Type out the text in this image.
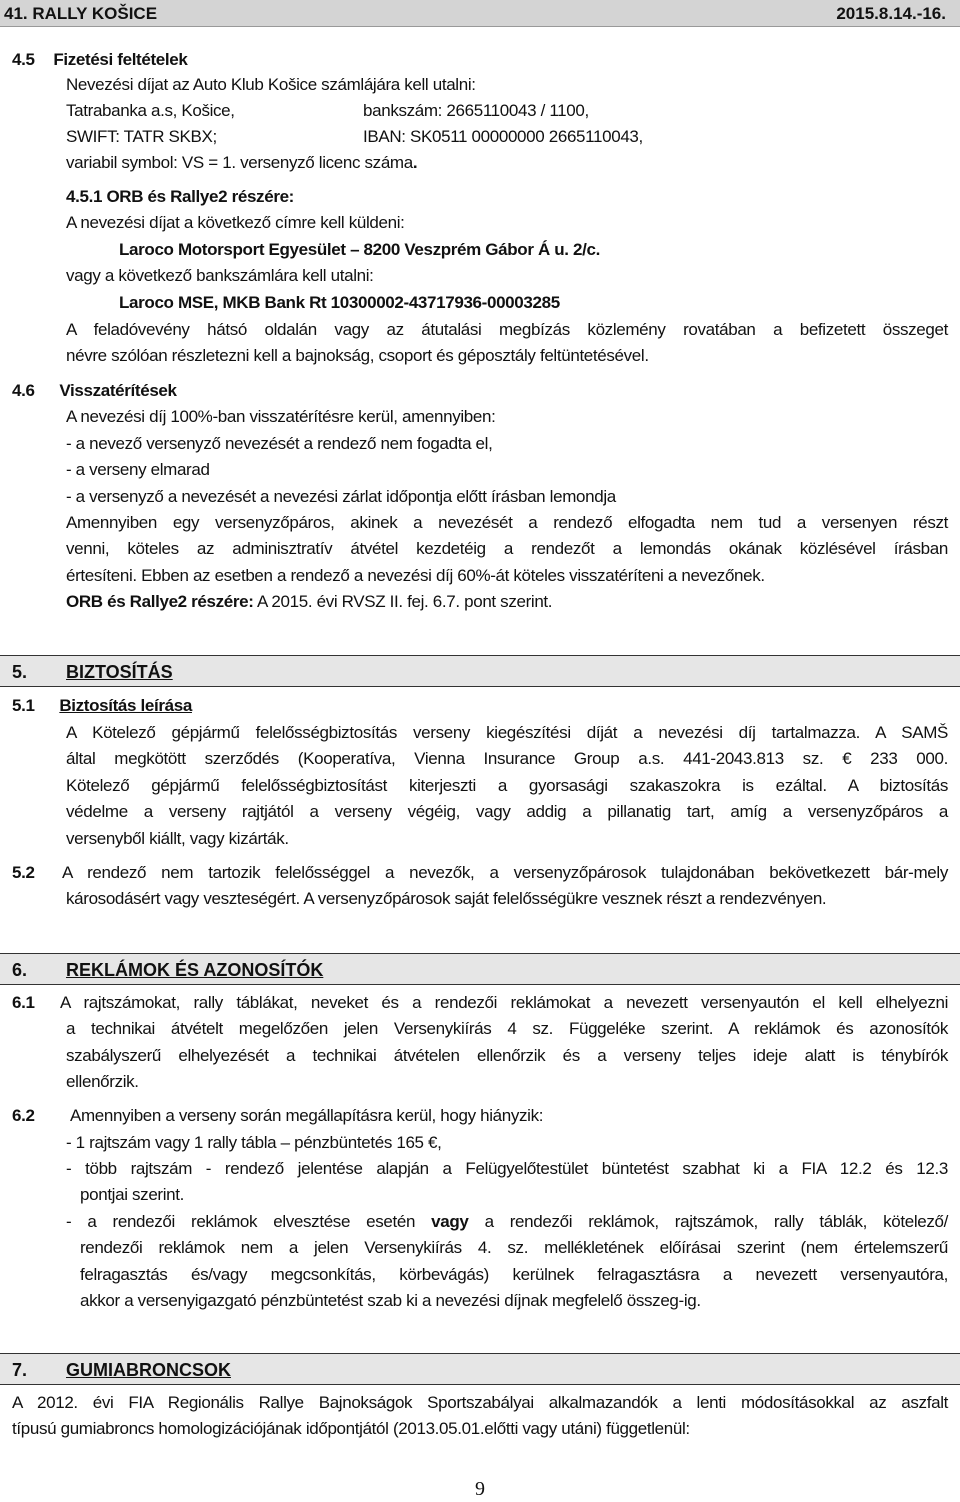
41. RALLY KOŠICE	2015.8.14.-16.
4.5 Fizetési feltételek
Nevezési díjat az Auto Klub Košice számlájára kell utalni:
Tatrabanka a.s, Košice,	bankszám: 2665110043 / 1100,
SWIFT: TATR SKBX;	IBAN: SK0511 00000000 2665110043,
variabil symbol: VS = 1. versenyző licenc száma.
4.5.1 ORB és Rallye2 részére:
A nevezési díjat a következő címre kell küldeni:
Laroco Motorsport Egyesület – 8200 Veszprém Gábor Á u. 2/c.
vagy a következő bankszámlára kell utalni:
Laroco MSE, MKB Bank Rt 10300002-43717936-00003285
A feladóvevény hátsó oldalán vagy az átutalási megbízás közlemény rovatában a befizetett összeget
névre szólóan részletezni kell a bajnokság, csoport és géposztály feltüntetésével.
4.6 Visszatérítések
A nevezési díj 100%-ban visszatérítésre kerül, amennyiben:
- a nevező versenyző nevezését a rendező nem fogadta el,
- a verseny elmarad
- a versenyző a nevezését a nevezési zárlat időpontja előtt írásban lemondja
Amennyiben egy versenyzőpáros, akinek a nevezését a rendező elfogadta nem tud a versenyen részt
venni, köteles az adminisztratív átvétel kezdetéig a rendezőt a lemondás okának közlésével írásban
értesíteni. Ebben az esetben a rendező a nevezési díj 60%-át köteles visszatéríteni a nevezőnek.
ORB és Rallye2 részére: A 2015. évi RVSZ II. fej. 6.7. pont szerint.
5. BIZTOSÍTÁS
5.1 Biztosítás leírása
A Kötelező gépjármű felelősségbiztosítás verseny kiegészítési díját a nevezési díj tartalmazza. A SAMŠ
által megkötött szerződés (Kooperatíva, Vienna Insurance Group a.s. 441-2043.813 sz. € 233 000.
Kötelező gépjármű felelősségbiztosítást kiterjeszti a gyorsasági szakaszokra is ezáltal. A biztosítás
védelme a verseny rajtjától a verseny végéig, vagy addig a pillanatig tart, amíg a versenyzőpáros a
versenyből kiállt, vagy kizárták.
5.2 A rendező nem tartozik felelősséggel a nevezők, a versenyzőpárosok tulajdonában bekövetkezett bár-mely
károsodásért vagy veszteségért. A versenyzőpárosok saját felelősségükre vesznek részt a rendezvényen.
6. REKLÁMOK ÉS AZONOSÍTÓK
6.1 A rajtszámokat, rally táblákat, neveket és a rendezői reklámokat a nevezett versenyautón el kell elhelyezni
a technikai átvételt megelőzően jelen Versenykiírás 4 sz. Függeléke szerint. A reklámok és azonosítók
szabályszerű elhelyezését a technikai átvételen ellenőrzik és a verseny teljes ideje alatt is ténybírók
ellenőrzik.
6.2 Amennyiben a verseny során megállapításra kerül, hogy hiányzik:
- 1 rajtszám vagy 1 rally tábla – pénzbüntetés 165 €,
- több rajtszám - rendező jelentése alapján a Felügyelőtestület büntetést szabhat ki a FIA 12.2 és 12.3
pontjai szerint.
- a rendezői reklámok elvesztése esetén vagy a rendezői reklámok, rajtszámok, rally táblák, kötelező/
rendezői reklámok nem a jelen Versenykiírás 4. sz. mellékletének előírásai szerint (nem értelemszerű
felragasztás és/vagy megcsonkítás, körbevágás) kerülnek felragasztásra a nevezett versenyautóra,
akkor a versenyigazgató pénzbüntetést szab ki a nevezési díjnak megfelelő összeg-ig.
7. GUMIABRONCSOK
A 2012. évi FIA Regionális Rallye Bajnokságok Sportszabályai alkalmazandók a lenti módosításokkal az aszfalt
típusú gumiabroncs homologizációjának időpontjától (2013.05.01.előtti vagy utáni) függetlenül:
9
